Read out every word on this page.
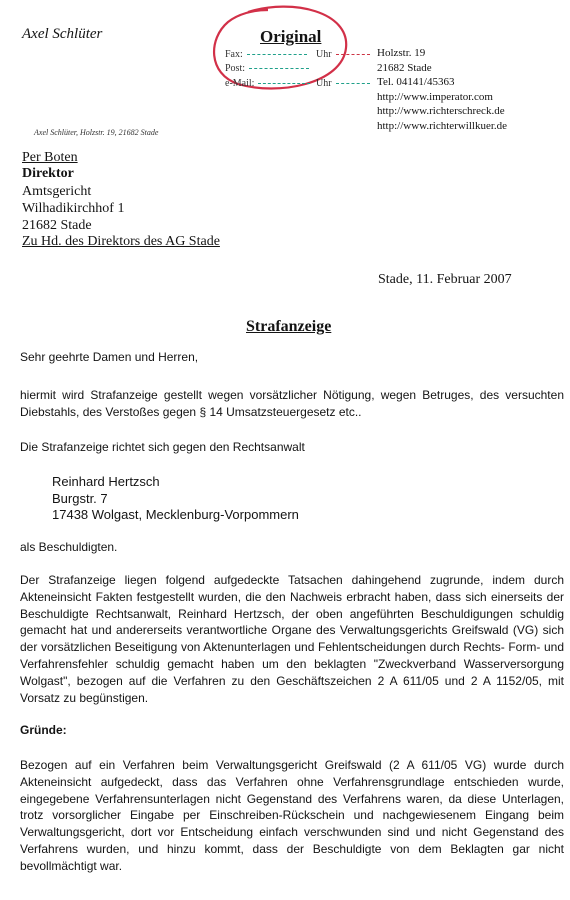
Axel Schlüter	Original
Fax:	Uhr
Post:
e-Mail:	Uhr
Holzstr. 19
21682 Stade
Tel. 04141/45363
http://www.imperator.com
http://www.richterschreck.de
http://www.richterwillkuer.de
Axel Schlüter, Holzstr. 19, 21682 Stade
Per Boten
Direktor
Amtsgericht
Wilhadikirchhof 1
21682 Stade
Zu Hd. des Direktors des AG Stade
Stade, 11. Februar 2007
Strafanzeige
Sehr geehrte Damen und Herren,
hiermit wird Strafanzeige gestellt wegen vorsätzlicher Nötigung, wegen Betruges, des versuchten Diebstahls, des Verstoßes gegen § 14 Umsatzsteuergesetz etc..
Die Strafanzeige richtet sich gegen den Rechtsanwalt
Reinhard Hertzsch
Burgstr. 7
17438 Wolgast, Mecklenburg-Vorpommern
als Beschuldigten.
Der Strafanzeige liegen folgend aufgedeckte Tatsachen dahingehend zugrunde, indem durch Akteneinsicht Fakten festgestellt wurden, die den Nachweis erbracht haben, dass sich einerseits der Beschuldigte Rechtsanwalt, Reinhard Hertzsch, der oben angeführten Beschuldigungen schuldig gemacht hat und andererseits verantwortliche Organe des Verwaltungsgerichts Greifswald (VG) sich der vorsätzlichen Beseitigung von Aktenunterlagen und Fehlentscheidungen durch Rechts- Form- und Verfahrensfehler schuldig gemacht haben um den beklagten "Zweckverband Wasserversorgung Wolgast", bezogen auf die Verfahren zu den Geschäftszeichen 2 A 611/05 und 2 A 1152/05, mit Vorsatz zu begünstigen.
Gründe:
Bezogen auf ein Verfahren beim Verwaltungsgericht Greifswald (2 A 611/05 VG) wurde durch Akteneinsicht aufgedeckt, dass das Verfahren ohne Verfahrensgrundlage entschieden wurde, eingegebene Verfahrensunterlagen nicht Gegenstand des Verfahrens waren, da diese Unterlagen, trotz vorsorglicher Eingabe per Einschreiben-Rückschein und nachgewiesenem Eingang beim Verwaltungsgericht, dort vor Entscheidung einfach verschwunden sind und nicht Gegenstand des Verfahrens wurden, und hinzu kommt, dass der Beschuldigte von dem Beklagten gar nicht bevollmächtigt war.
